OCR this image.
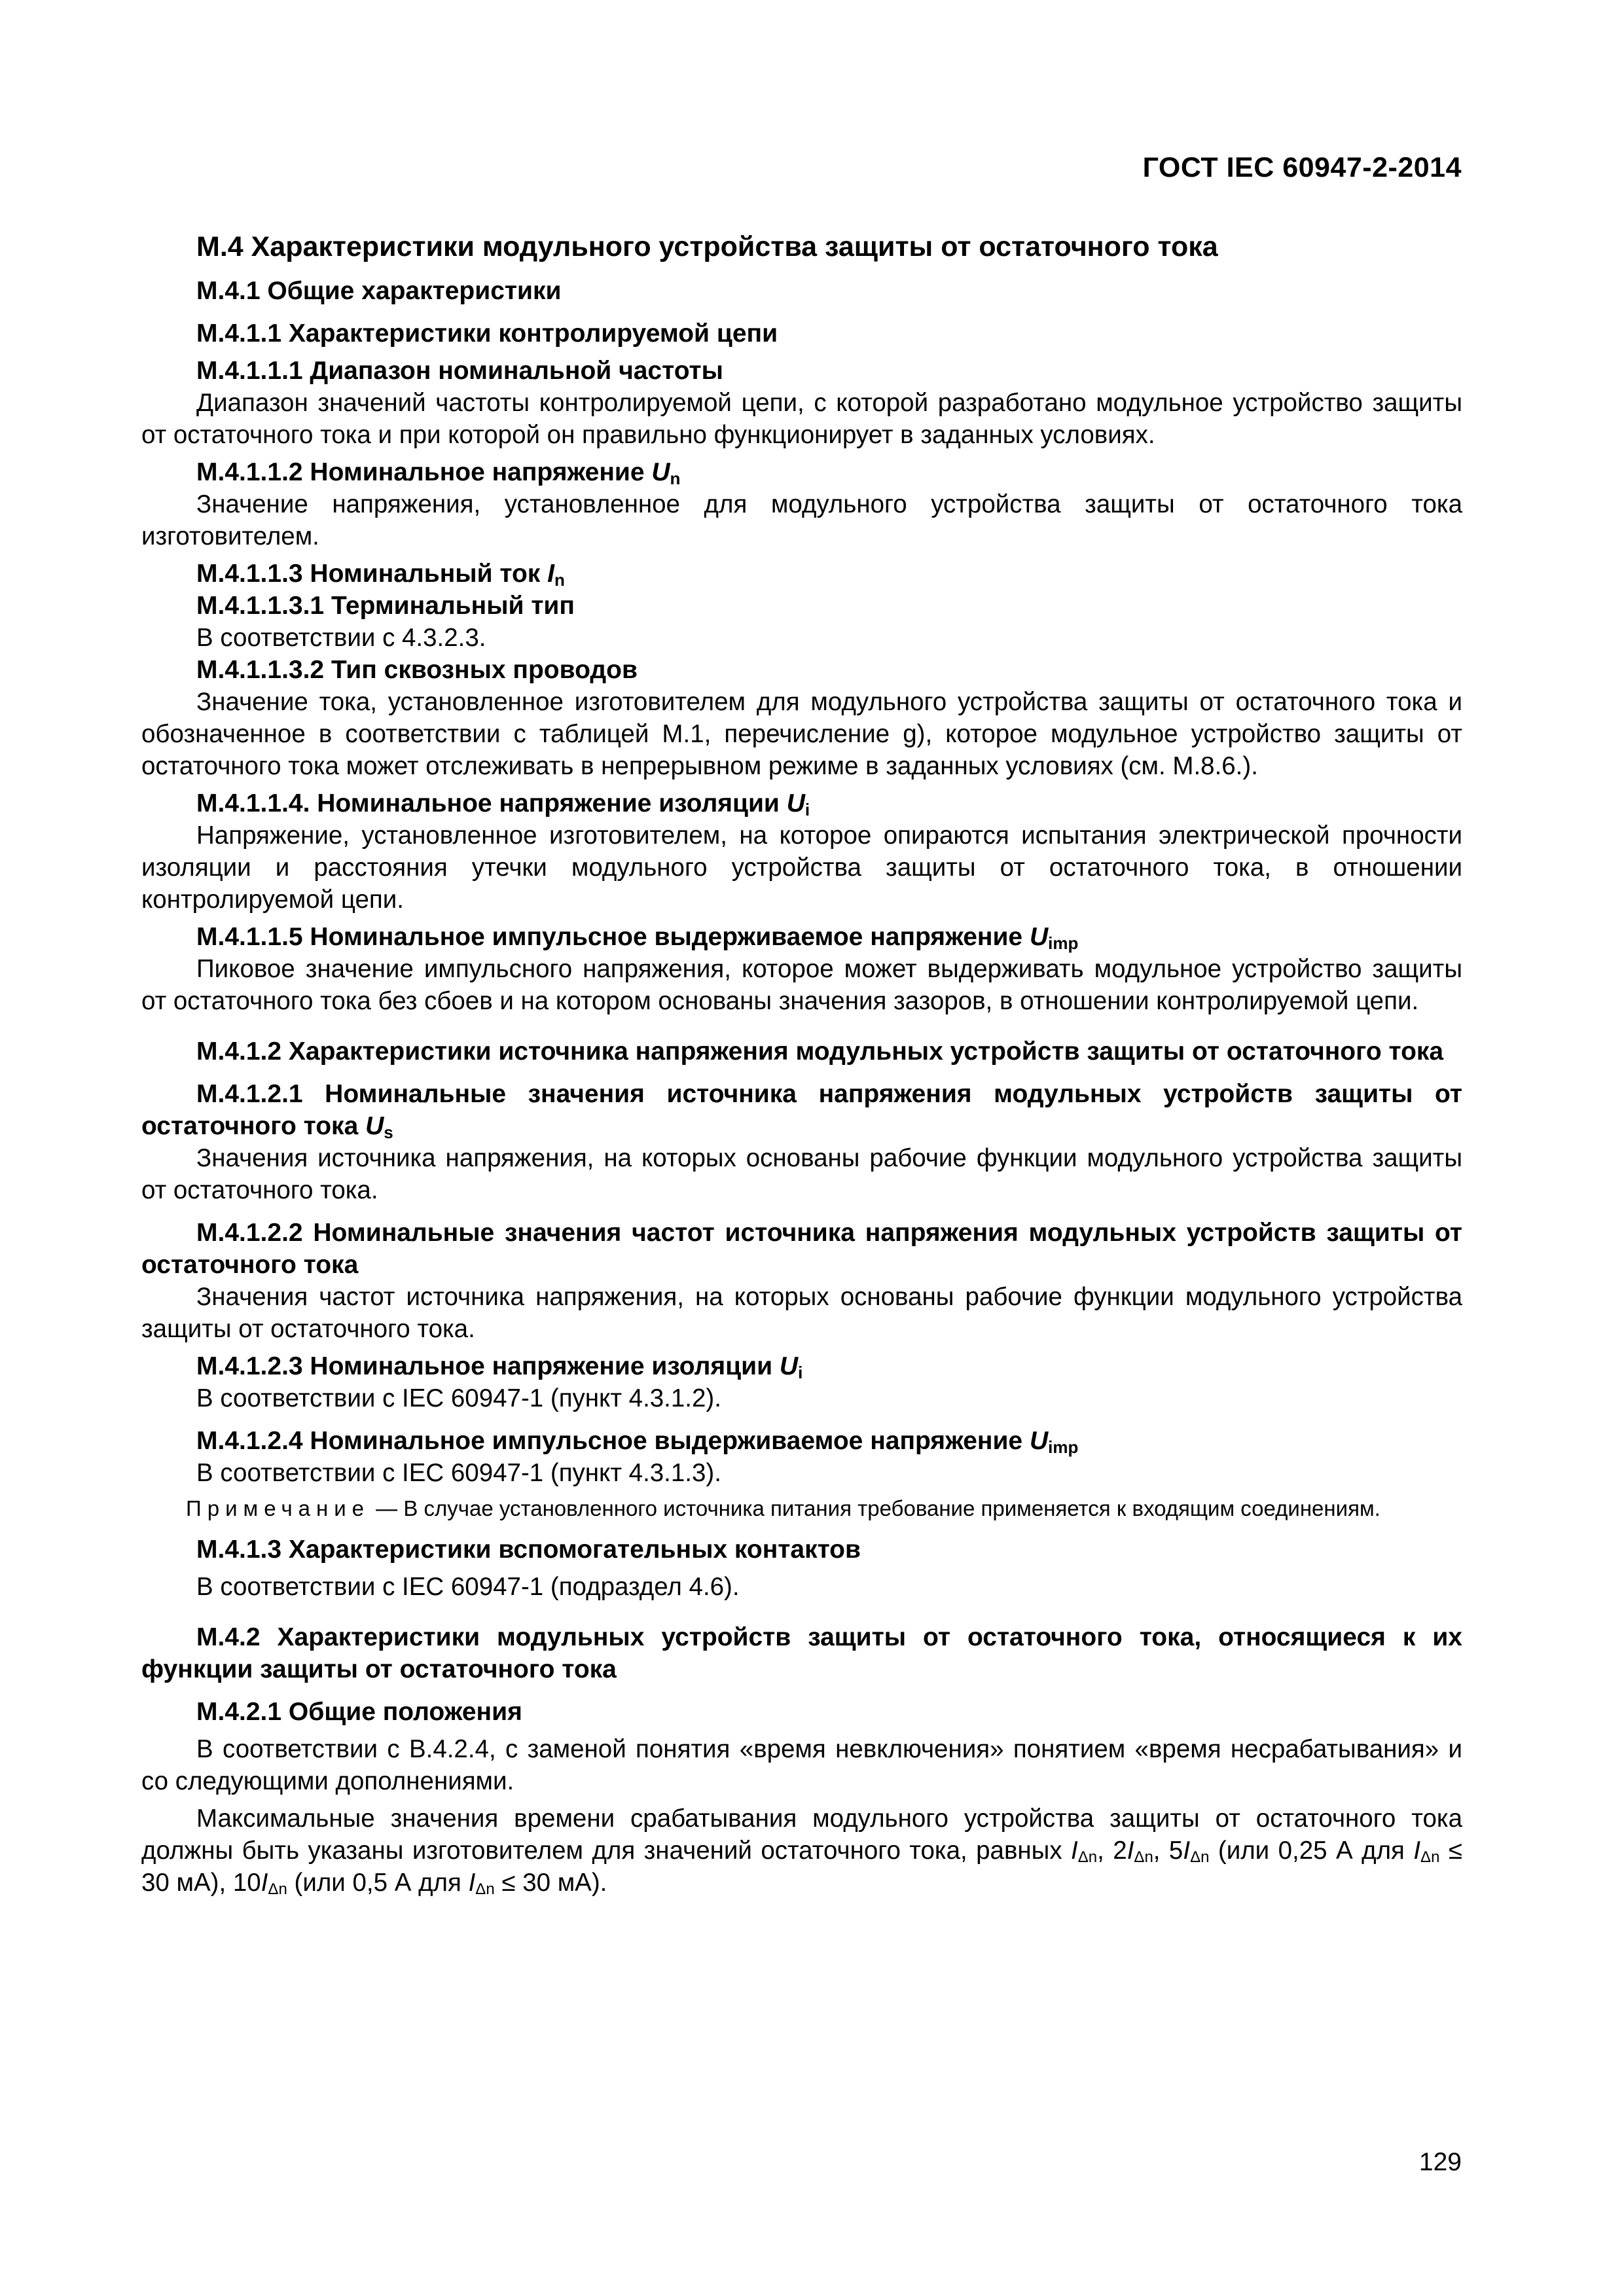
ГОСТ IEC 60947-2-2014
М.4 Характеристики модульного устройства защиты от остаточного тока
М.4.1 Общие характеристики
М.4.1.1 Характеристики контролируемой цепи
М.4.1.1.1 Диапазон номинальной частоты

Диапазон значений частоты контролируемой цепи, с которой разработано модульное устройство защиты от остаточного тока и при которой он правильно функционирует в заданных условиях.

М.4.1.1.2 Номинальное напряжение $U_n$

Значение напряжения, установленное для модульного устройства защиты от остаточного тока изготовителем.

М.4.1.1.3 Номинальный ток $I_n$
М.4.1.1.3.1 Терминальный тип
В соответствии с 4.3.2.3.
М.4.1.1.3.2 Тип сквозных проводов

Значение тока, установленное изготовителем для модульного устройства защиты от остаточного тока и обозначенное в соответствии с таблицей М.1, перечисление g), которое модульное устройство защиты от остаточного тока может отслеживать в непрерывном режиме в заданных условиях (см. М.8.6.).

М.4.1.1.4. Номинальное напряжение изоляции $U_i$

Напряжение, установленное изготовителем, на которое опираются испытания электрической прочности изоляции и расстояния утечки модульного устройства защиты от остаточного тока, в отношении контролируемой цепи.

М.4.1.1.5 Номинальное импульсное выдерживаемое напряжение $U_{imp}$

Пиковое значение импульсного напряжения, которое может выдерживать модульное устройство защиты от остаточного тока без сбоев и на котором основаны значения зазоров, в отношении контролируемой цепи.

М.4.1.2 Характеристики источника напряжения модульных устройств защиты от остаточного тока

М.4.1.2.1 Номинальные значения источника напряжения модульных устройств защиты от остаточного тока $U_s$

Значения источника напряжения, на которых основаны рабочие функции модульного устройства защиты от остаточного тока.

М.4.1.2.2 Номинальные значения частот источника напряжения модульных устройств защиты от остаточного тока

Значения частот источника напряжения, на которых основаны рабочие функции модульного устройства защиты от остаточного тока.

М.4.1.2.3 Номинальное напряжение изоляции $U_i$
В соответствии с IEC 60947-1 (пункт 4.3.1.2).
М.4.1.2.4 Номинальное импульсное выдерживаемое напряжение $U_{imp}$
В соответствии с IEC 60947-1 (пункт 4.3.1.3).

Примечание — В случае установленного источника питания требование применяется к входящим соединениям.

М.4.1.3 Характеристики вспомогательных контактов
В соответствии с IEC 60947-1 (подраздел 4.6).

М.4.2 Характеристики модульных устройств защиты от остаточного тока, относящиеся к их функции защиты от остаточного тока

М.4.2.1 Общие положения

В соответствии с В.4.2.4, с заменой понятия «время невключения» понятием «время несрабатывания» и со следующими дополнениями.

Максимальные значения времени срабатывания модульного устройства защиты от остаточного тока должны быть указаны изготовителем для значений остаточного тока, равных IΔn, 2IΔn, 5IΔn (или 0,25 А для IΔn ≤ 30 мА), 10IΔn (или 0,5 А для IΔn ≤ 30 мА).

129
